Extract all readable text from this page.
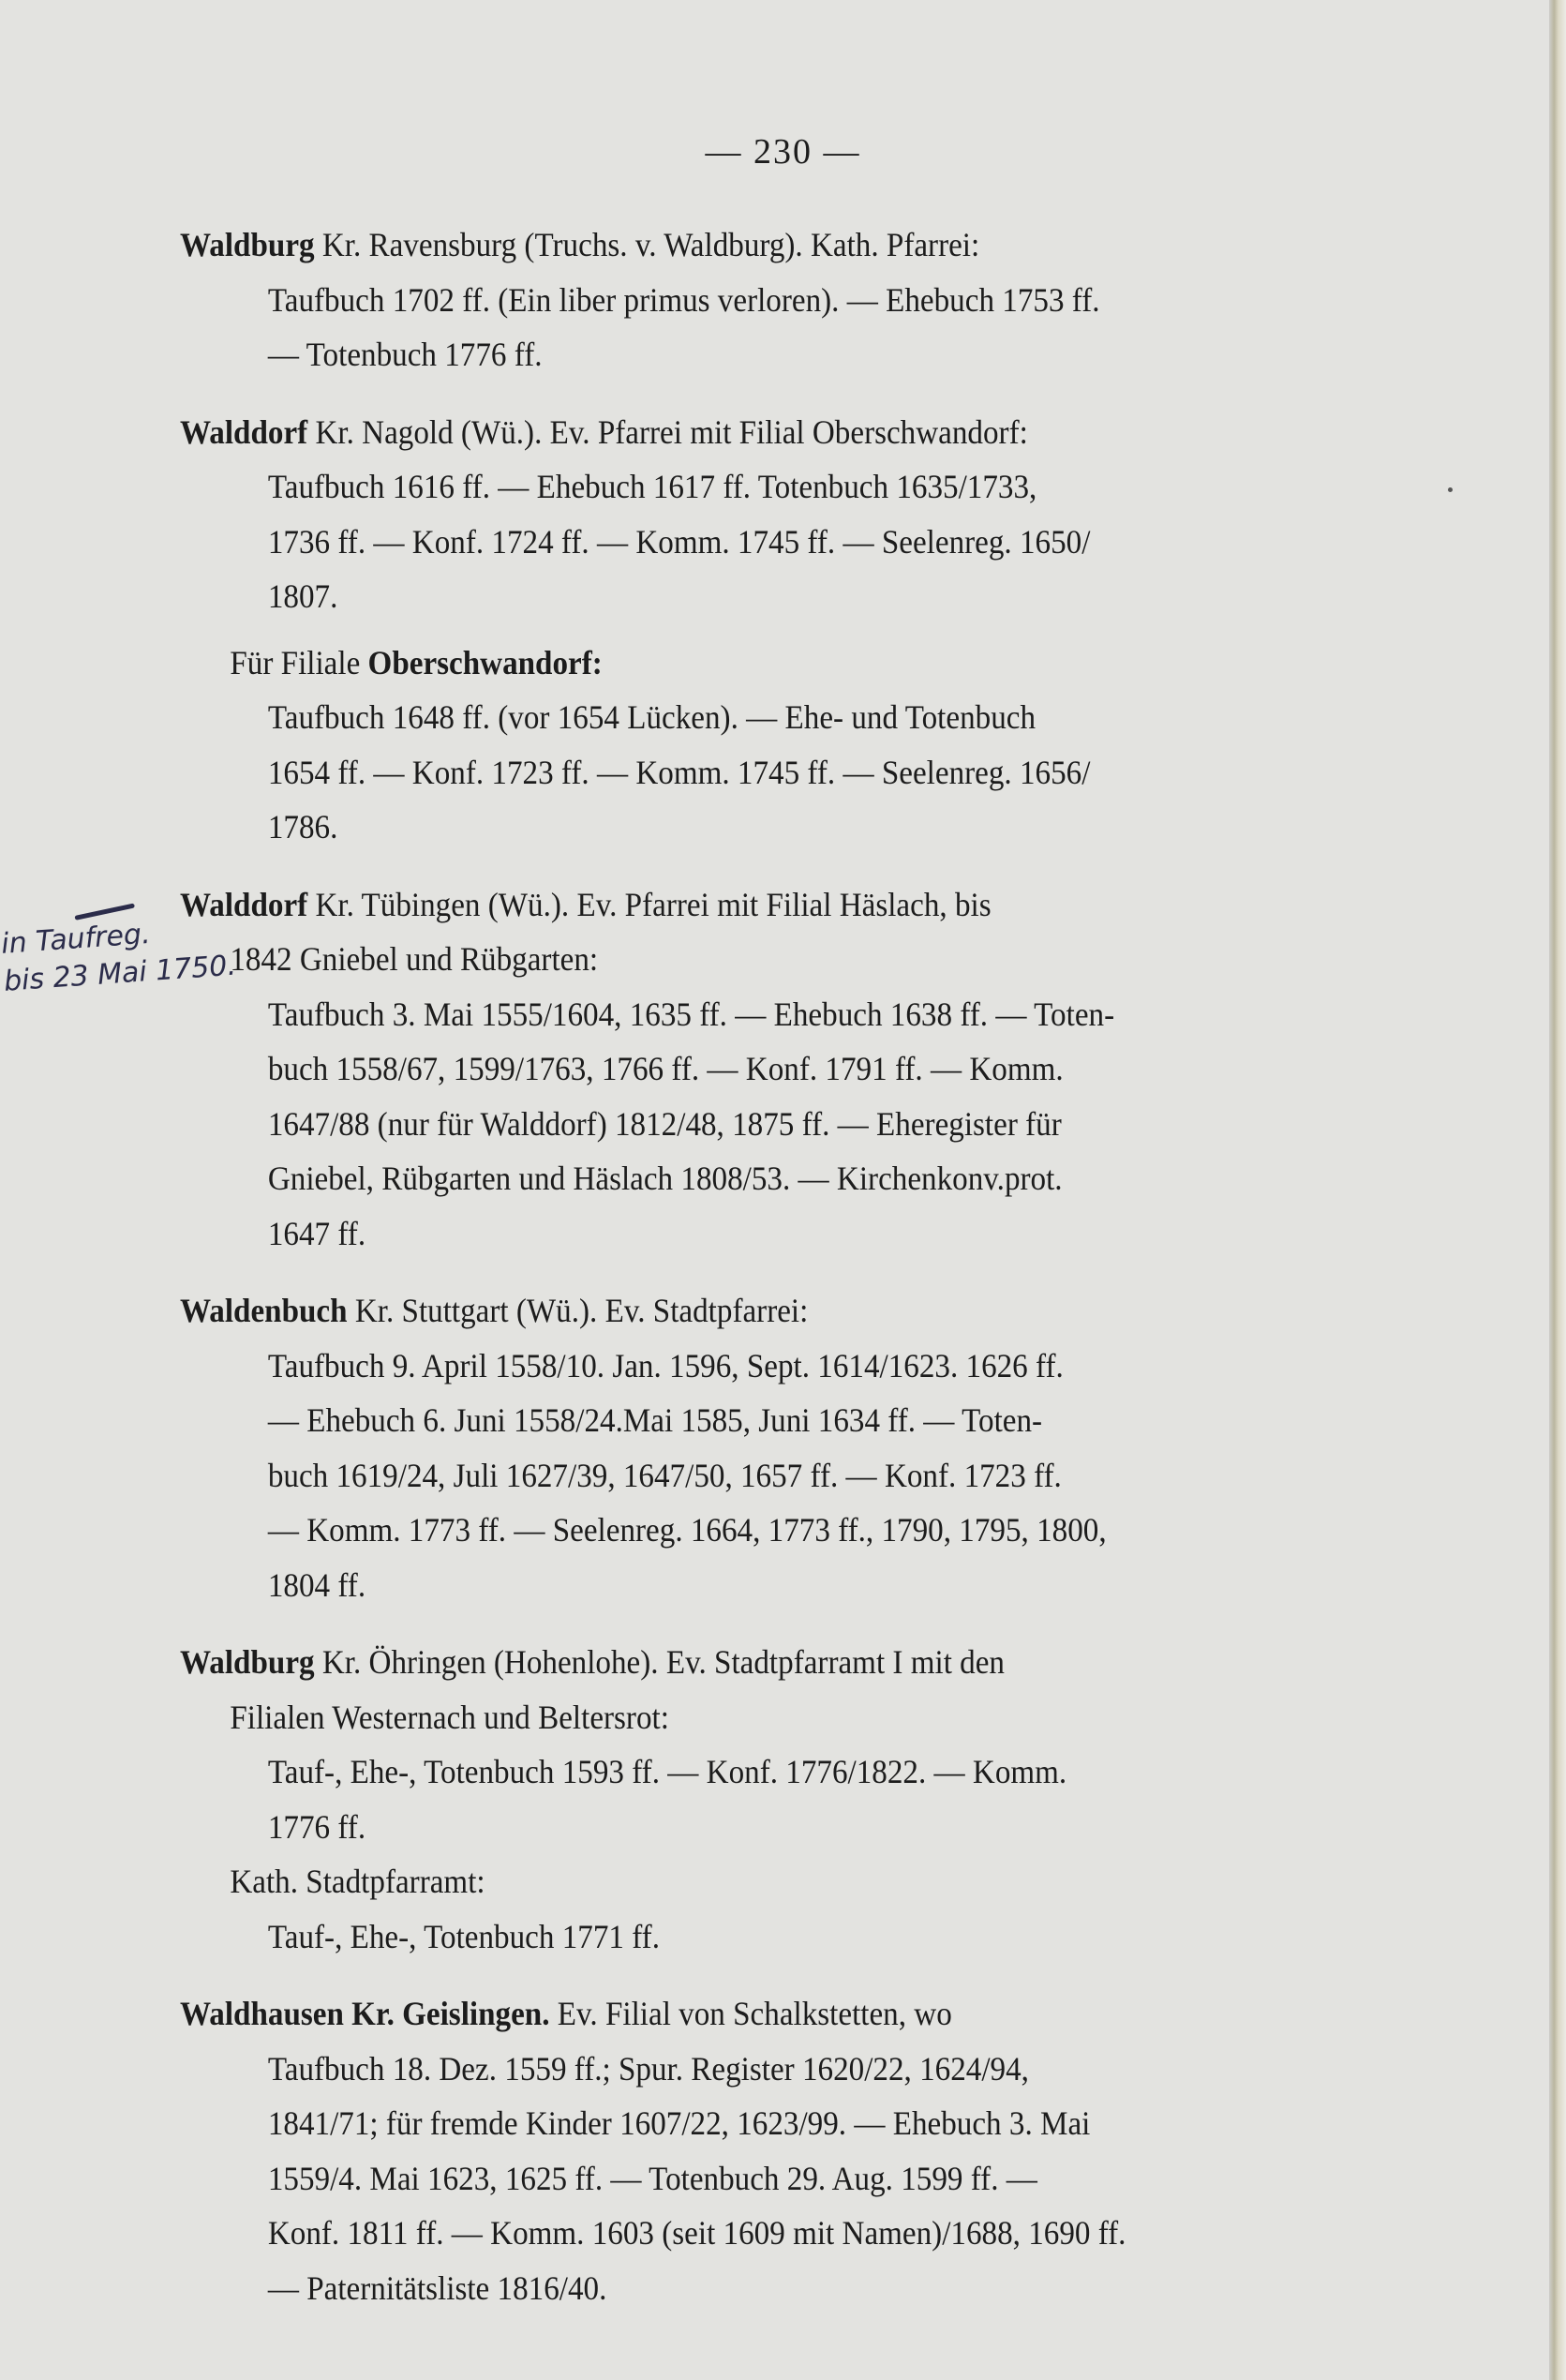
— 230 —
in Taufreg.
bis 23 Mai 1750.
Waldburg Kr. Ravensburg (Truchs. v. Waldburg). Kath. Pfarrei:
Taufbuch 1702 ff. (Ein liber primus verloren). — Ehebuch 1753 ff.
— Totenbuch 1776 ff.
Walddorf Kr. Nagold (Wü.). Ev. Pfarrei mit Filial Oberschwandorf:
Taufbuch 1616 ff. — Ehebuch 1617 ff. Totenbuch 1635/1733,
1736 ff. — Konf. 1724 ff. — Komm. 1745 ff. — Seelenreg. 1650/
1807.
Für Filiale Oberschwandorf:
Taufbuch 1648 ff. (vor 1654 Lücken). — Ehe- und Totenbuch
1654 ff. — Konf. 1723 ff. — Komm. 1745 ff. — Seelenreg. 1656/
1786.
Walddorf Kr. Tübingen (Wü.). Ev. Pfarrei mit Filial Häslach, bis
1842 Gniebel und Rübgarten:
Taufbuch 3. Mai 1555/1604, 1635 ff. — Ehebuch 1638 ff. — Toten-
buch 1558/67, 1599/1763, 1766 ff. — Konf. 1791 ff. — Komm.
1647/88 (nur für Walddorf) 1812/48, 1875 ff. — Eheregister für
Gniebel, Rübgarten und Häslach 1808/53. — Kirchenkonv.prot.
1647 ff.
Waldenbuch Kr. Stuttgart (Wü.). Ev. Stadtpfarrei:
Taufbuch 9. April 1558/10. Jan. 1596, Sept. 1614/1623. 1626 ff.
— Ehebuch 6. Juni 1558/24.Mai 1585, Juni 1634 ff. — Toten-
buch 1619/24, Juli 1627/39, 1647/50, 1657 ff. — Konf. 1723 ff.
— Komm. 1773 ff. — Seelenreg. 1664, 1773 ff., 1790, 1795, 1800,
1804 ff.
Waldburg Kr. Öhringen (Hohenlohe). Ev. Stadtpfarramt I mit den
Filialen Westernach und Beltersrot:
Tauf-, Ehe-, Totenbuch 1593 ff. — Konf. 1776/1822. — Komm.
1776 ff.
Kath. Stadtpfarramt:
Tauf-, Ehe-, Totenbuch 1771 ff.
Waldhausen Kr. Geislingen. Ev. Filial von Schalkstetten, wo
Taufbuch 18. Dez. 1559 ff.; Spur. Register 1620/22, 1624/94,
1841/71; für fremde Kinder 1607/22, 1623/99. — Ehebuch 3. Mai
1559/4. Mai 1623, 1625 ff. — Totenbuch 29. Aug. 1599 ff. —
Konf. 1811 ff. — Komm. 1603 (seit 1609 mit Namen)/1688, 1690 ff.
— Paternitätsliste 1816/40.
